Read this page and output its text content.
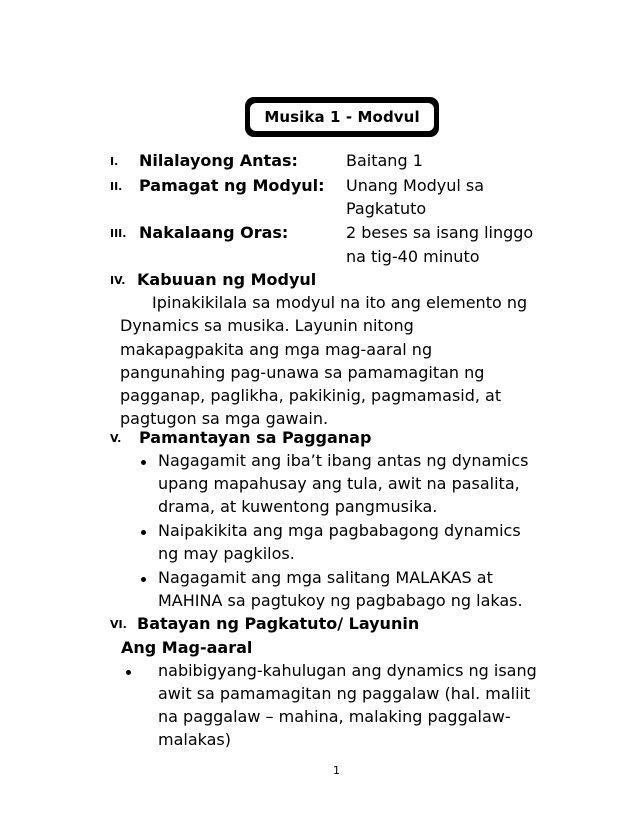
Musika 1 - Modvul
I. Nilalayong Antas:	Baitang 1
II. Pamagat ng Modyul: Unang Modyul sa
Pagkatuto
III. Nakalaang Oras:	2 beses sa isang linggo
na tig-40 minuto
IV. Kabuuan ng Modyul
Ipinakikilala sa modyul na ito ang elemento ng
Dynamics sa musika. Layunin nitong
makapagpakita ang mga mag-aaral ng
pangunahing pag-unawa sa pamamagitan ng
pagganap, paglikha, pakikinig, pagmamasid, at
pagtugon sa mga gawain.
V. Pamantayan sa Pagganap
Nagagamit ang iba’t ibang antas ng dynamics
upang mapahusay ang tula, awit na pasalita,
drama, at kuwentong pangmusika.
Naipakikita ang mga pagbabagong dynamics
ng may pagkilos.
Nagagamit ang mga salitang MALAKAS at
MAHINA sa pagtukoy ng pagbabago ng lakas.
VI. Batayan ng Pagkatuto/ Layunin
Ang Mag-aaral
nabibigyang-kahulugan ang dynamics ng isang
awit sa pamamagitan ng paggalaw (hal. maliit
na paggalaw – mahina, malaking paggalaw-
malakas)
1
